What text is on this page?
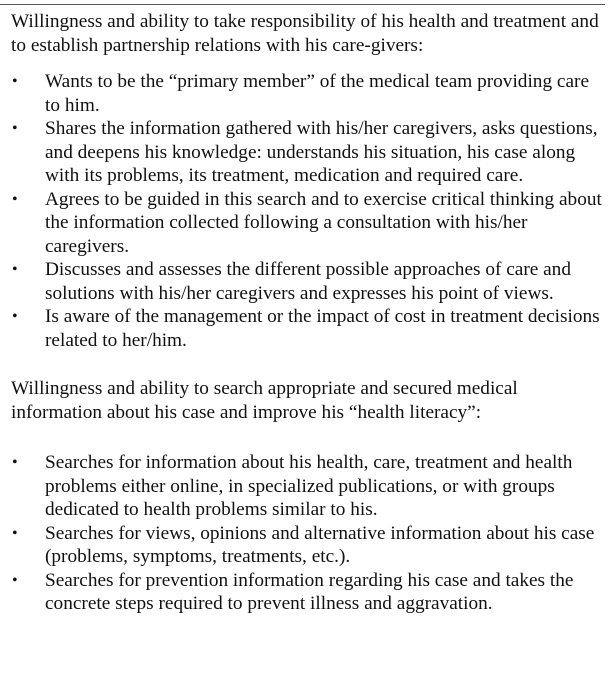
Willingness and ability to take responsibility of his health and treatment and to establish partnership relations with his care-givers:

• Wants to be the “primary member” of the medical team providing care to him.
• Shares the information gathered with his/her caregivers, asks questions, and deepens his knowledge: understands his situation, his case along with its problems, its treatment, medication and required care.
• Agrees to be guided in this search and to exercise critical thinking about the information collected following a consultation with his/her caregivers.
• Discusses and assesses the different possible approaches of care and solutions with his/her caregivers and expresses his point of views.
• Is aware of the management or the impact of cost in treatment decisions related to her/him.

Willingness and ability to search appropriate and secured medical information about his case and improve his “health literacy”:

• Searches for information about his health, care, treatment and health problems either online, in specialized publications, or with groups dedicated to health problems similar to his.
• Searches for views, opinions and alternative information about his case (problems, symptoms, treatments, etc.).
• Searches for prevention information regarding his case and takes the concrete steps required to prevent illness and aggravation.
